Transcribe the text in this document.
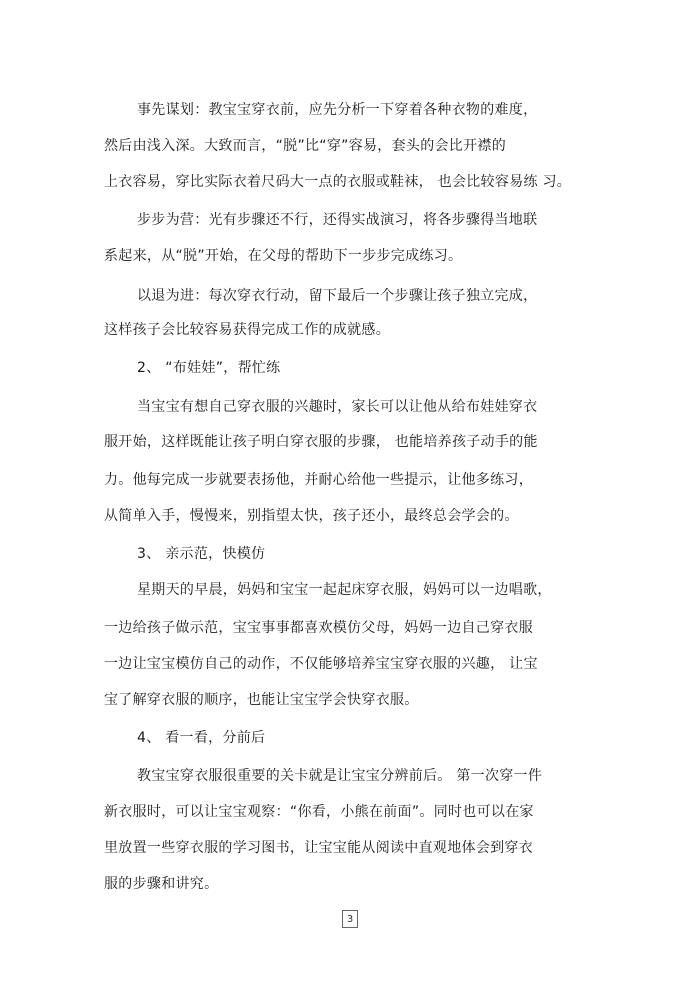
事先谋划：教宝宝穿衣前，应先分析一下穿着各种衣物的难度，
然后由浅入深。大致而言，“脱”比“穿”容易，套头的会比开襟的
上衣容易，穿比实际衣着尺码大一点的衣服或鞋袜， 也会比较容易练 习。
步步为营：光有步骤还不行，还得实战演习，将各步骤得当地联
系起来，从“脱”开始，在父母的帮助下一步步完成练习。
以退为进：每次穿衣行动，留下最后一个步骤让孩子独立完成，
这样孩子会比较容易获得完成工作的成就感。
2、 “布娃娃”，帮忙练
当宝宝有想自己穿衣服的兴趣时，家长可以让他从给布娃娃穿衣
服开始，这样既能让孩子明白穿衣服的步骤， 也能培养孩子动手的能
力。他每完成一步就要表扬他，并耐心给他一些提示，让他多练习，
从简单入手，慢慢来，别指望太快，孩子还小，最终总会学会的。
3、 亲示范，快模仿
星期天的早晨，妈妈和宝宝一起起床穿衣服，妈妈可以一边唱歌，
一边给孩子做示范，宝宝事事都喜欢模仿父母，妈妈一边自己穿衣服
一边让宝宝模仿自己的动作，不仅能够培养宝宝穿衣服的兴趣， 让宝
宝了解穿衣服的顺序，也能让宝宝学会快穿衣服。
4、 看一看，分前后
教宝宝穿衣服很重要的关卡就是让宝宝分辨前后。 第一次穿一件
新衣服时，可以让宝宝观察：“你看，小熊在前面”。同时也可以在家
里放置一些穿衣服的学习图书，让宝宝能从阅读中直观地体会到穿衣
服的步骤和讲究。
3
